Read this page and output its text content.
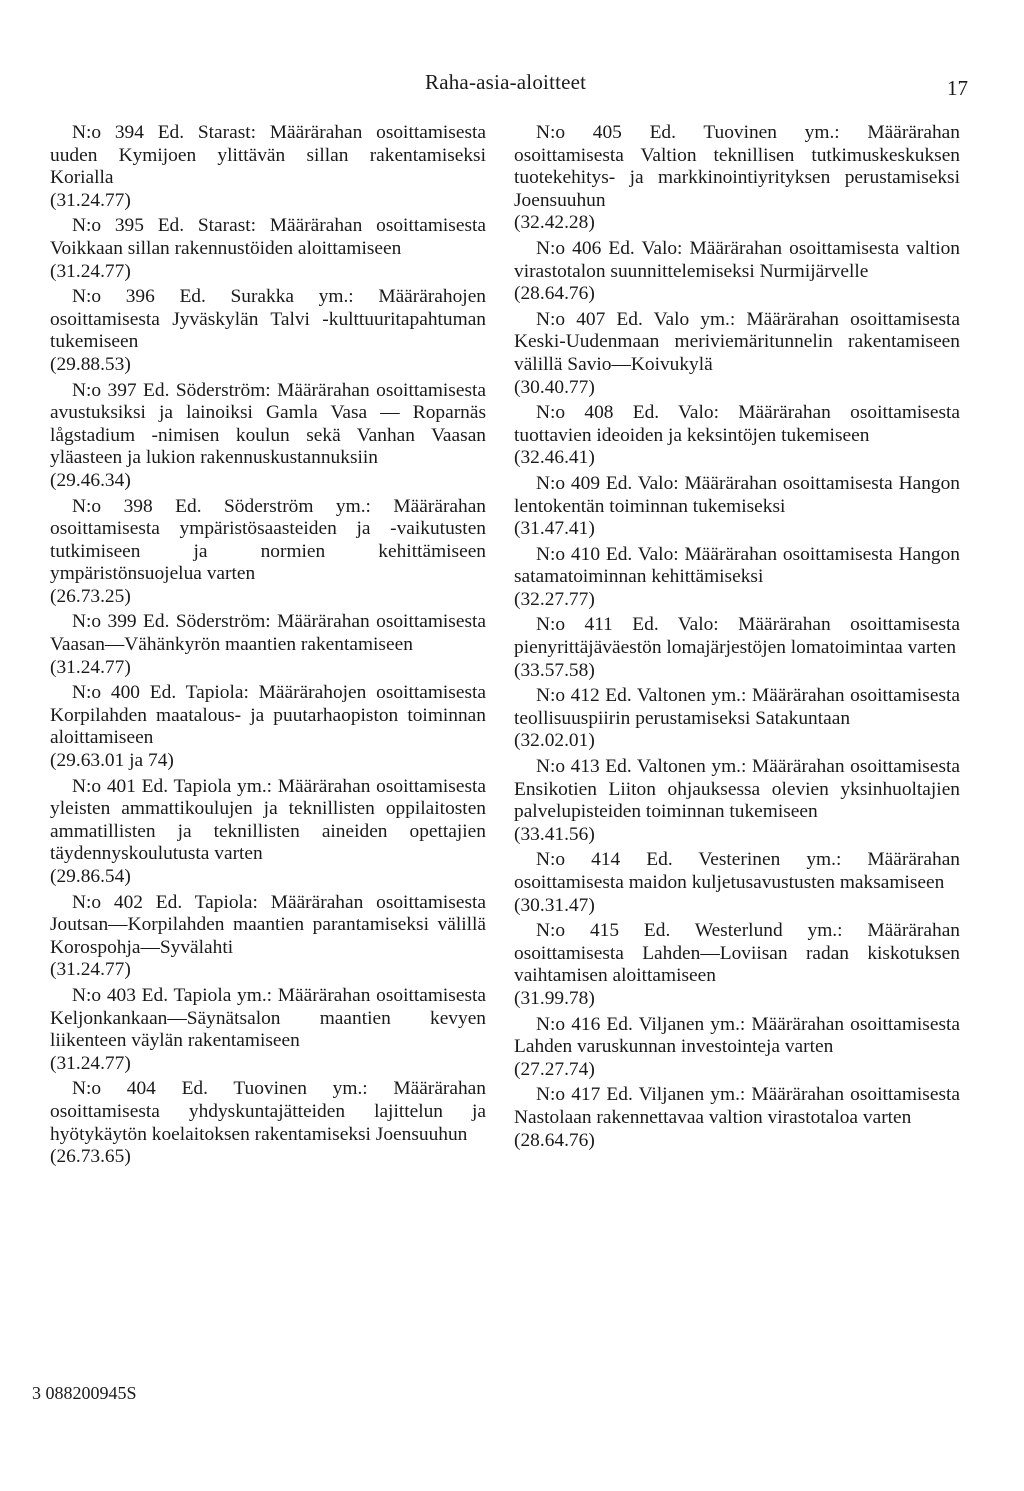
Raha-asia-aloitteet	17

N:o 394 Ed. Starast: Määrärahan osoittamisesta uuden Kymijoen ylittävän sillan rakentamiseksi Korialla

(31.24.77)

N:o 395 Ed. Starast: Määrärahan osoittamisesta Voikkaan sillan rakennustöiden aloittamiseen

(31.24.77)

N:o 396 Ed. Surakka ym.: Määrärahojen osoittamisesta Jyväskylän Talvi -kulttuuritapahtuman tukemiseen

(29.88.53)

N:o 397 Ed. Söderström: Määrärahan osoittamisesta avustuksiksi ja lainoiksi Gamla Vasa — Roparnäs lågstadium -nimisen koulun sekä Vanhan Vaasan yläasteen ja lukion rakennuskustannuksiin

(29.46.34)

N:o 398 Ed. Söderström ym.: Määrärahan osoittamisesta ympäristösaasteiden ja -vaikutusten tutkimiseen ja normien kehittämiseen ympäristönsuojelua varten

(26.73.25)

N:o 399 Ed. Söderström: Määrärahan osoittamisesta Vaasan—Vähänkyrön maantien rakentamiseen

(31.24.77)

N:o 400 Ed. Tapiola: Määrärahojen osoittamisesta Korpilahden maatalous- ja puutarhaopiston toiminnan aloittamiseen

(29.63.01 ja 74)

N:o 401 Ed. Tapiola ym.: Määrärahan osoittamisesta yleisten ammattikoulujen ja teknillisten oppilaitosten ammatillisten ja teknillisten aineiden opettajien täydennyskoulutusta varten

(29.86.54)

N:o 402 Ed. Tapiola: Määrärahan osoittamisesta Joutsan—Korpilahden maantien parantamiseksi välillä Korospohja—Syvälahti

(31.24.77)

N:o 403 Ed. Tapiola ym.: Määrärahan osoittamisesta Keljonkankaan—Säynätsalon maantien kevyen liikenteen väylän rakentamiseen

(31.24.77)

N:o 404 Ed. Tuovinen ym.: Määrärahan osoittamisesta yhdyskuntajätteiden lajittelun ja hyötykäytön koelaitoksen rakentamiseksi Joensuuhun

(26.73.65)

N:o 405 Ed. Tuovinen ym.: Määrärahan osoittamisesta Valtion teknillisen tutkimuskeskuksen tuotekehitys- ja markkinointiyrityksen perustamiseksi Joensuuhun

(32.42.28)

N:o 406 Ed. Valo: Määrärahan osoittamisesta valtion virastotalon suunnittelemiseksi Nurmijärvelle

(28.64.76)

N:o 407 Ed. Valo ym.: Määrärahan osoittamisesta Keski-Uudenmaan meriviemäritunnelin rakentamiseen välillä Savio—Koivukylä

(30.40.77)

N:o 408 Ed. Valo: Määrärahan osoittamisesta tuottavien ideoiden ja keksintöjen tukemiseen

(32.46.41)

N:o 409 Ed. Valo: Määrärahan osoittamisesta Hangon lentokentän toiminnan tukemiseksi

(31.47.41)

N:o 410 Ed. Valo: Määrärahan osoittamisesta Hangon satamatoiminnan kehittämiseksi

(32.27.77)

N:o 411 Ed. Valo: Määrärahan osoittamisesta pienyrittäjäväestön lomajärjestöjen lomatoimintaa varten

(33.57.58)

N:o 412 Ed. Valtonen ym.: Määrärahan osoittamisesta teollisuuspiirin perustamiseksi Satakuntaan

(32.02.01)

N:o 413 Ed. Valtonen ym.: Määrärahan osoittamisesta Ensikotien Liiton ohjauksessa olevien yksinhuoltajien palvelupisteiden toiminnan tukemiseen

(33.41.56)

N:o 414 Ed. Vesterinen ym.: Määrärahan osoittamisesta maidon kuljetusavustusten maksamiseen

(30.31.47)

N:o 415 Ed. Westerlund ym.: Määrärahan osoittamisesta Lahden—Loviisan radan kiskotuksen vaihtamisen aloittamiseen

(31.99.78)

N:o 416 Ed. Viljanen ym.: Määrärahan osoittamisesta Lahden varuskunnan investointeja varten

(27.27.74)

N:o 417 Ed. Viljanen ym.: Määrärahan osoittamisesta Nastolaan rakennettavaa valtion virastotaloa varten

(28.64.76)

3 088200945S
